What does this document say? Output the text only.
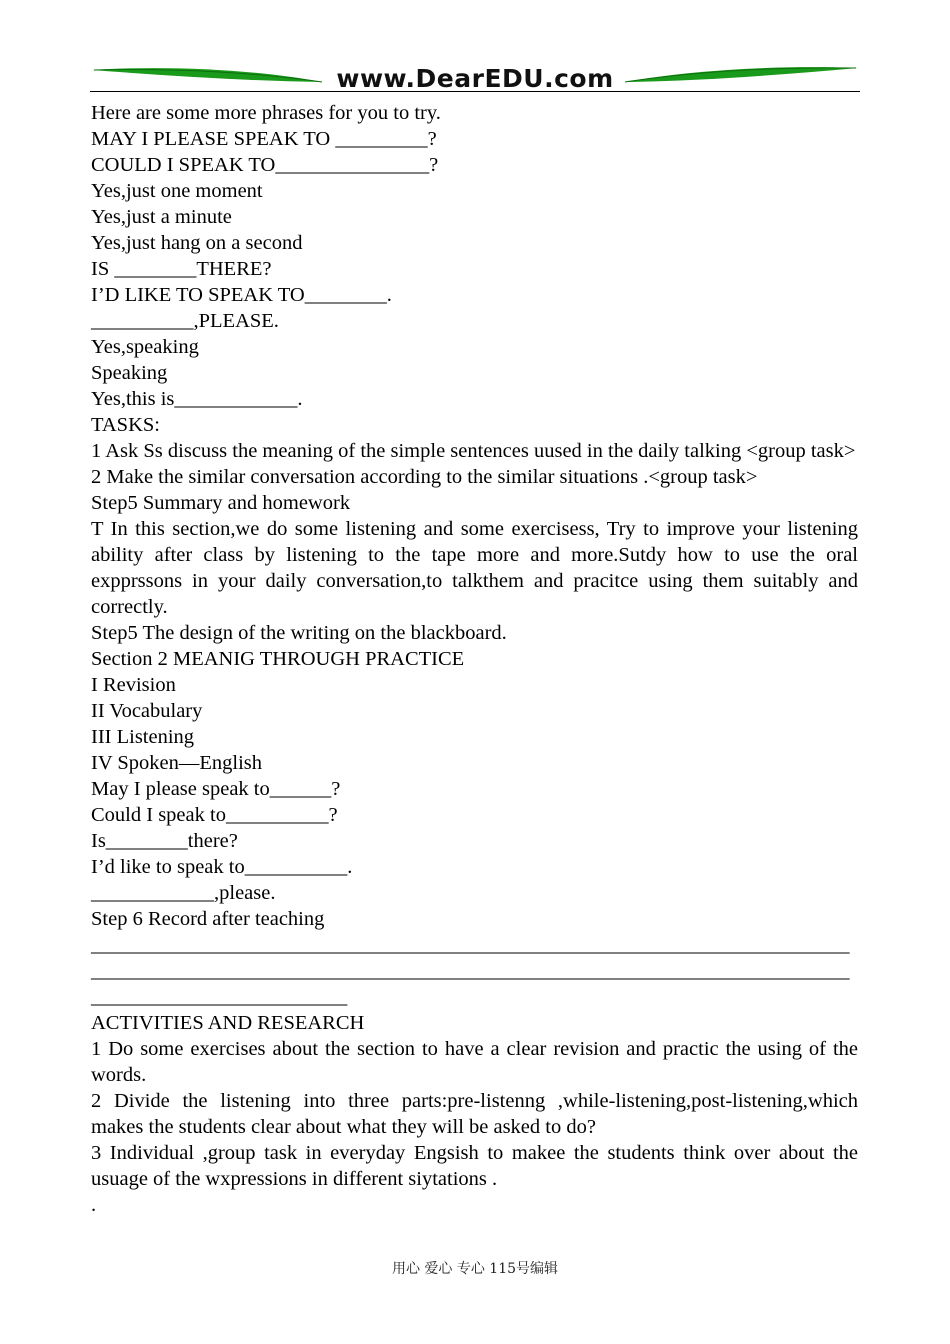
www.DearEDU.com

Here are some more phrases for you to try.

MAY I PLEASE SPEAK TO _________?

COULD I SPEAK TO_______________?

Yes,just one moment

Yes,just a minute

Yes,just hang on a second

IS ________THERE?

I’D LIKE TO SPEAK TO________.

__________,PLEASE.

Yes,speaking

Speaking

Yes,this is____________.

TASKS:

1 Ask Ss discuss the meaning of the simple sentences uused in the daily talking <group task>

2 Make the similar conversation according to the similar situations .<group task>

Step5 Summary and homework

T In this section,we do some listening and some exercisess, Try to improve your listening ability after class by listening to the tape more and more.Sutdy how to use the oral expprssons in your daily conversation,to talkthem and pracitce using them suitably and correctly.

Step5 The design of the writing on the blackboard.

Section 2 MEANIG THROUGH PRACTICE

I Revision

II Vocabulary

III Listening

IV Spoken—English

May I please speak to______?

Could I speak to__________?

Is________there?

I’d like to speak to__________.

____________,please.

Step 6 Record after teaching

_____________________________________________________________________________________________________________________________________________________________________________

ACTIVITIES AND RESEARCH

1 Do some exercises about the section to have a clear revision and practic the using of the words.

2 Divide the listening into three parts:pre-listenng ,while-listening,post-listening,which makes the students clear about what they will be asked to do?

3 Individual ,group task in everyday Engsish to makee the students think over about the usuage of the wxpressions in different siytations .

.

用心 爱心 专心 115号编辑
